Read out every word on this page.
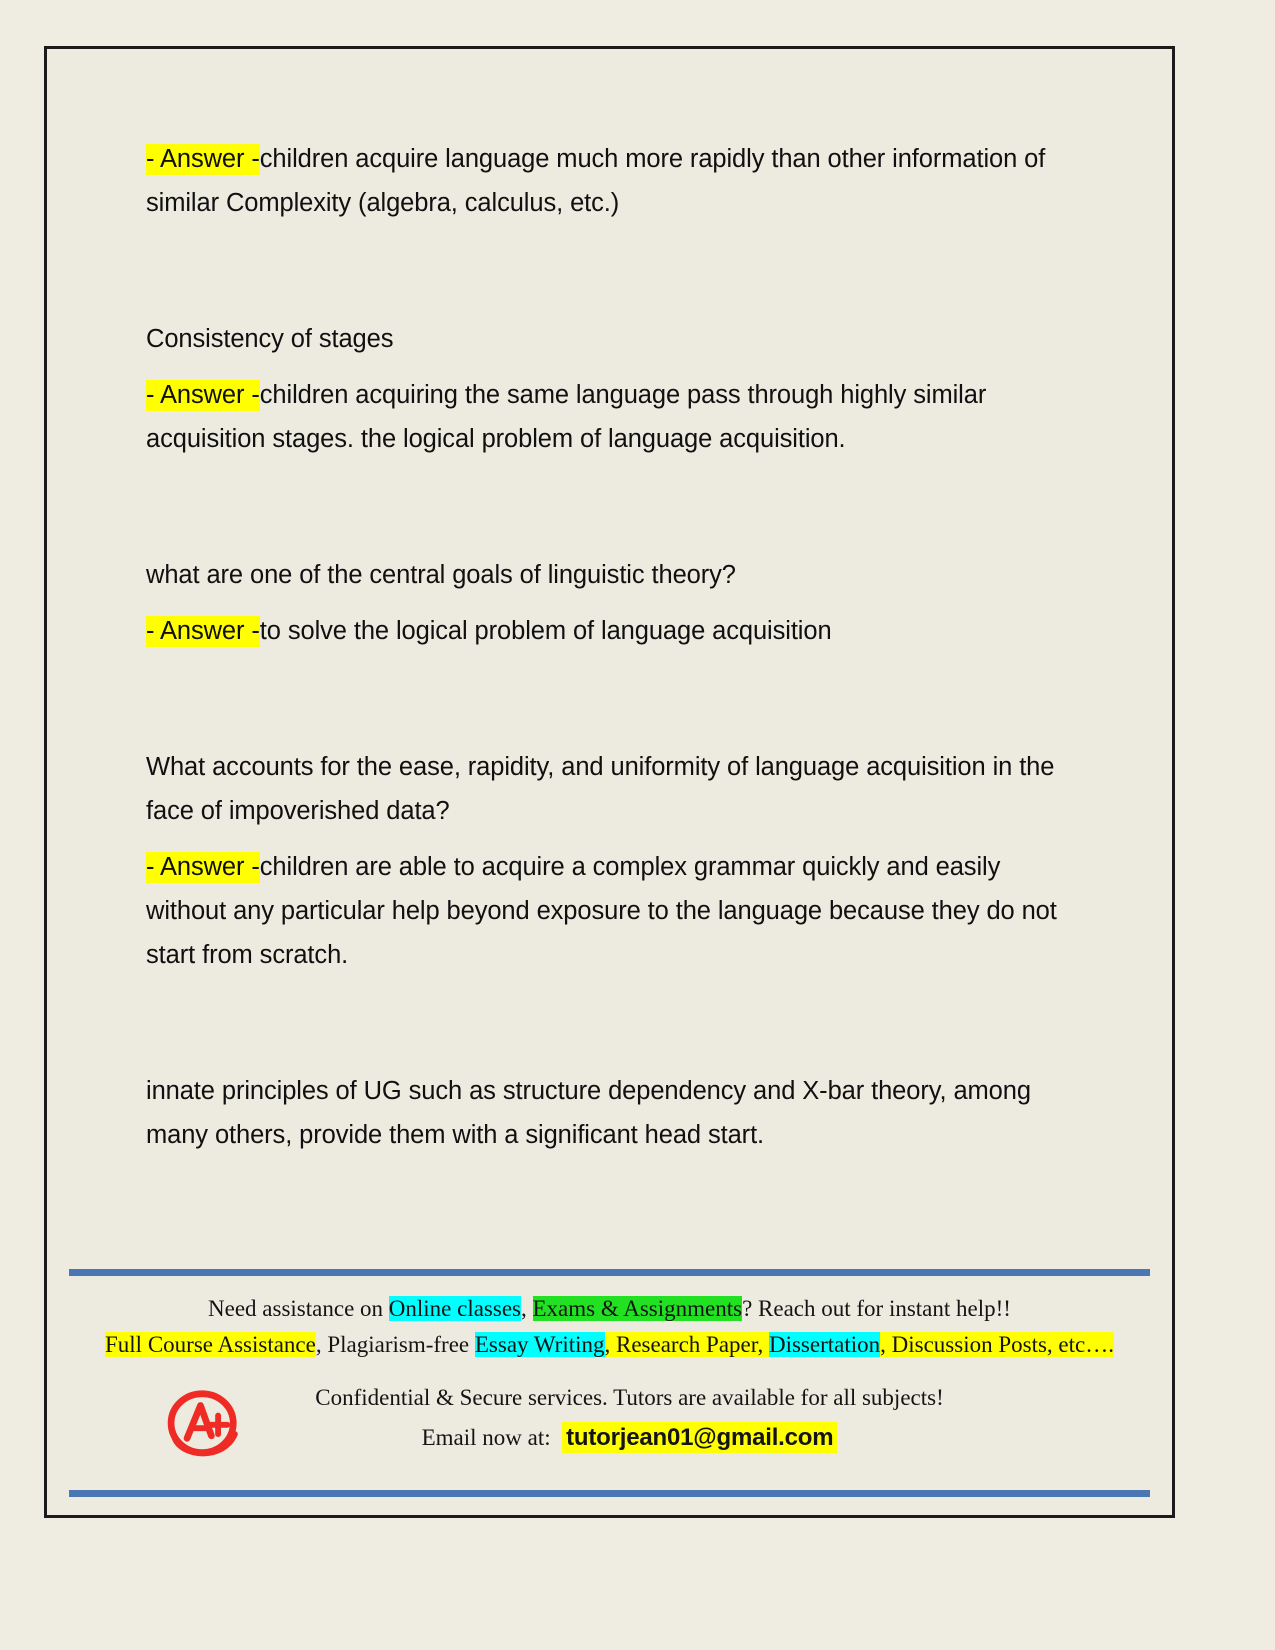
- Answer -children acquire language much more rapidly than other information of similar Complexity (algebra, calculus, etc.)

Consistency of stages

- Answer -children acquiring the same language pass through highly similar acquisition stages. the logical problem of language acquisition.

what are one of the central goals of linguistic theory?

- Answer -to solve the logical problem of language acquisition

What accounts for the ease, rapidity, and uniformity of language acquisition in the face of impoverished data?

- Answer -children are able to acquire a complex grammar quickly and easily without any particular help beyond exposure to the language because they do not start from scratch.

innate principles of UG such as structure dependency and X-bar theory, among many others, provide them with a significant head start.

Need assistance on Online classes, Exams & Assignments? Reach out for instant help!!
Full Course Assistance, Plagiarism-free Essay Writing, Research Paper, Dissertation, Discussion Posts, etc….
Confidential & Secure services. Tutors are available for all subjects!
Email now at: tutorjean01@gmail.com
